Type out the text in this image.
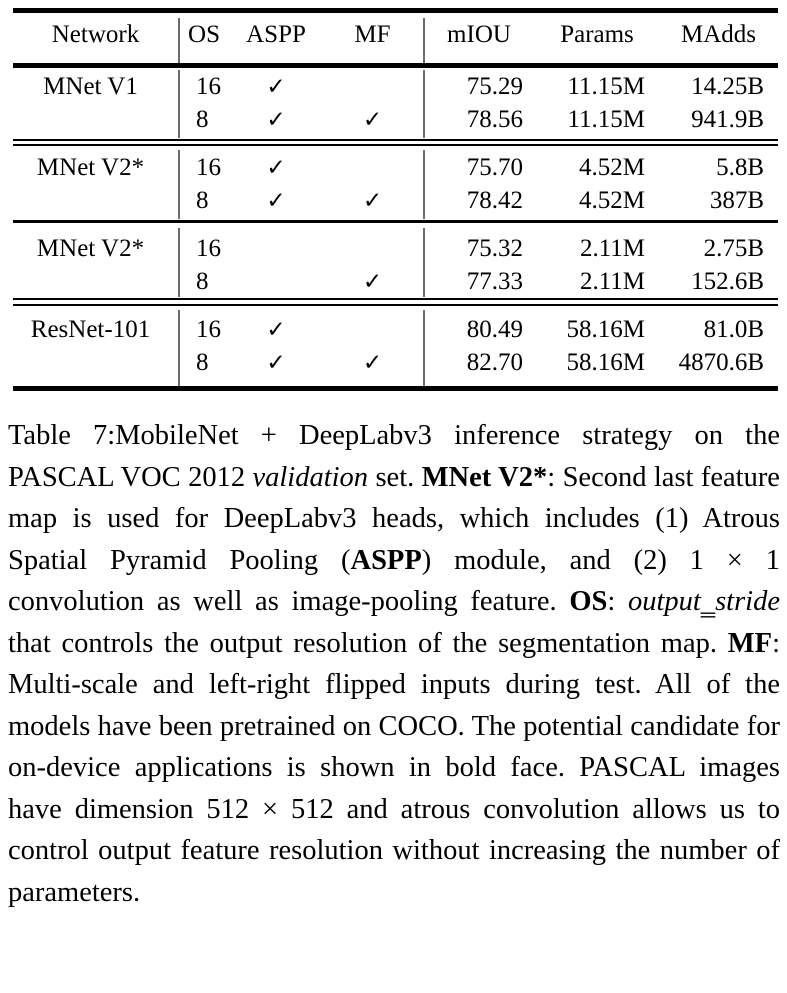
Network	OS	ASPP	MF	mIOU	Params	MAdds
MNet V1	16	✓		75.29	11.15M	14.25B
	8	✓	✓	78.56	11.15M	941.9B
MNet V2*	16	✓		75.70	4.52M	5.8B
	8	✓	✓	78.42	4.52M	387B
MNet V2*	16			75.32	2.11M	2.75B
	8		✓	77.33	2.11M	152.6B
ResNet-101	16	✓		80.49	58.16M	81.0B
	8	✓	✓	82.70	58.16M	4870.6B
Table 7:MobileNet + DeepLabv3 inference strategy on the PASCAL VOC 2012 validation set. MNet V2*: Second last feature map is used for DeepLabv3 heads, which includes (1) Atrous Spatial Pyramid Pooling (ASPP) module, and (2) 1 × 1 convolution as well as image-pooling feature. OS: output‗stride that controls the output resolution of the segmentation map. MF: Multi-scale and left-right flipped inputs during test. All of the models have been pretrained on COCO. The potential candidate for on-device applications is shown in bold face. PASCAL images have dimension 512 × 512 and atrous convolution allows us to control output feature resolution without increasing the number of parameters.
